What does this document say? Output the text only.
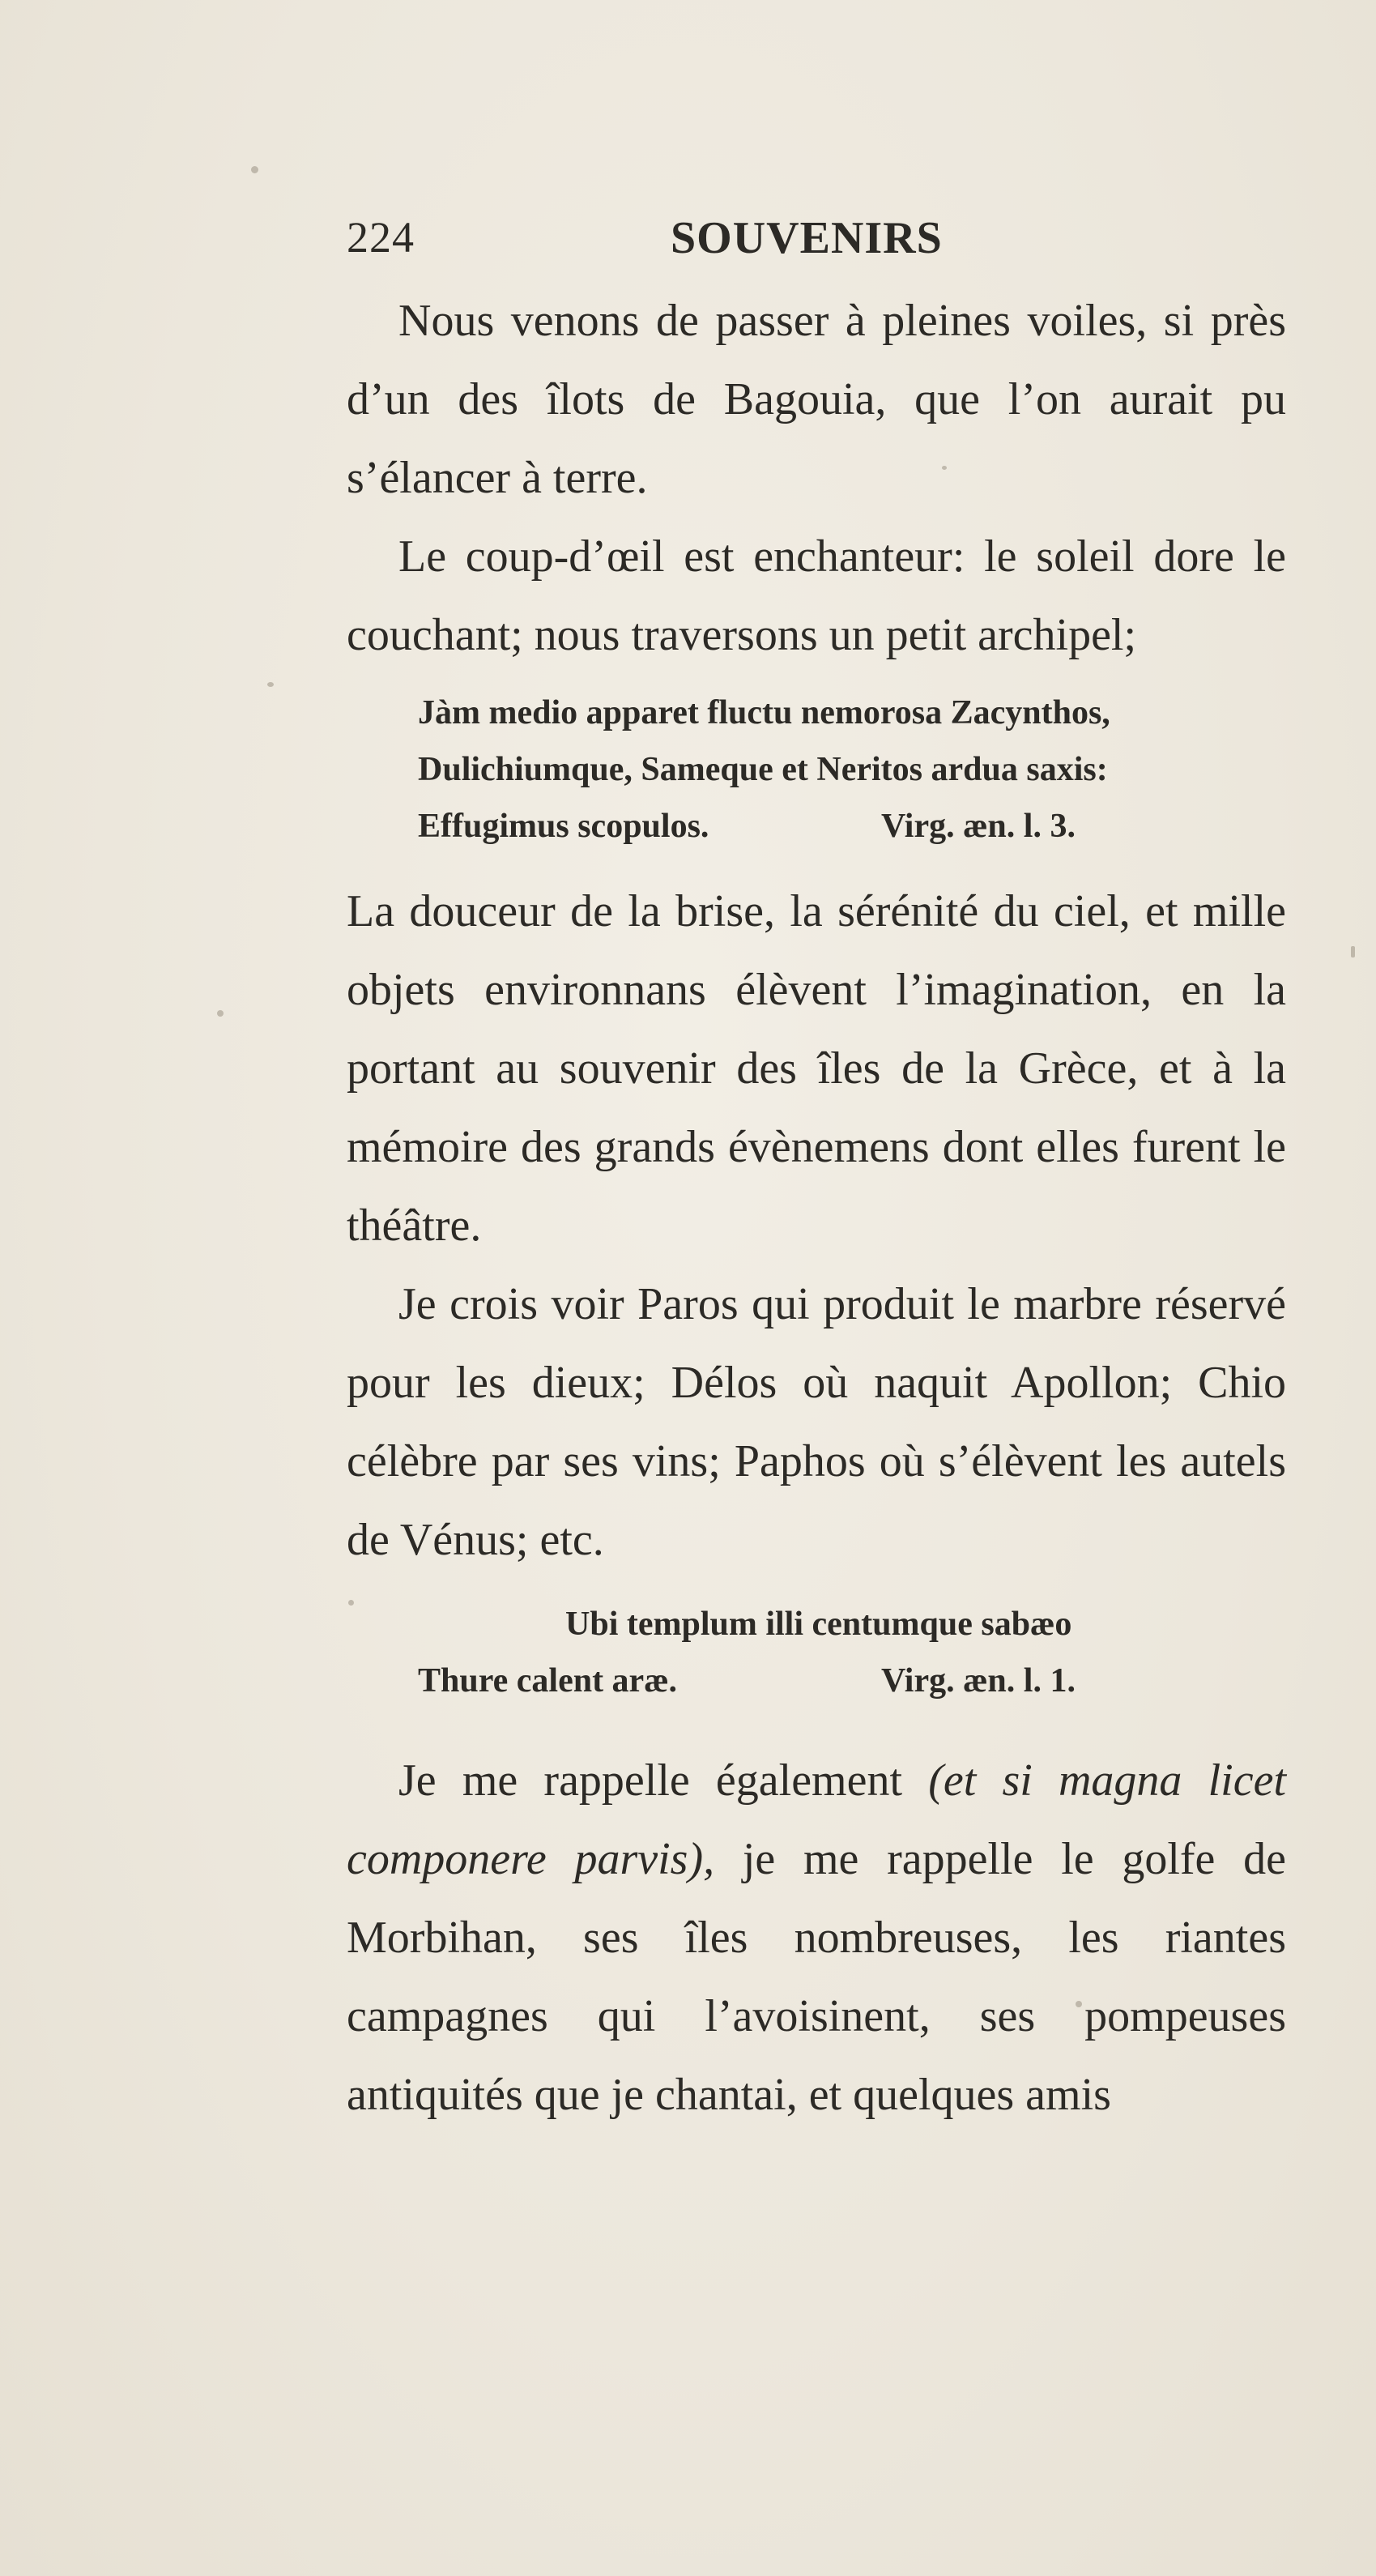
224	SOUVENIRS

Nous venons de passer à pleines voiles, si près d’un des îlots de Bagouia, que l’on aurait pu s’élancer à terre.

Le coup-d’œil est enchanteur: le soleil dore le couchant; nous traversons un petit archipel;

Jàm medio apparet fluctu nemorosa Zacynthos,

Dulichiumque, Sameque et Neritos ardua saxis:

Effugimus scopulos.	Virg. æn. l. 3.

La douceur de la brise, la sérénité du ciel, et mille objets environnans élèvent l’imagination, en la portant au souvenir des îles de la Grèce, et à la mémoire des grands évènemens dont elles furent le théâtre.

Je crois voir Paros qui produit le marbre réservé pour les dieux; Délos où naquit Apollon; Chio célèbre par ses vins; Paphos où s’élèvent les autels de Vénus; etc.

Ubi templum illi centumque sabæo

Thure calent aræ.	Virg. æn. l. 1.

Je me rappelle également (et si magna licet componere parvis), je me rappelle le golfe de Morbihan, ses îles nombreuses, les riantes campagnes qui l’avoisinent, ses pompeuses antiquités que je chantai, et quelques amis
